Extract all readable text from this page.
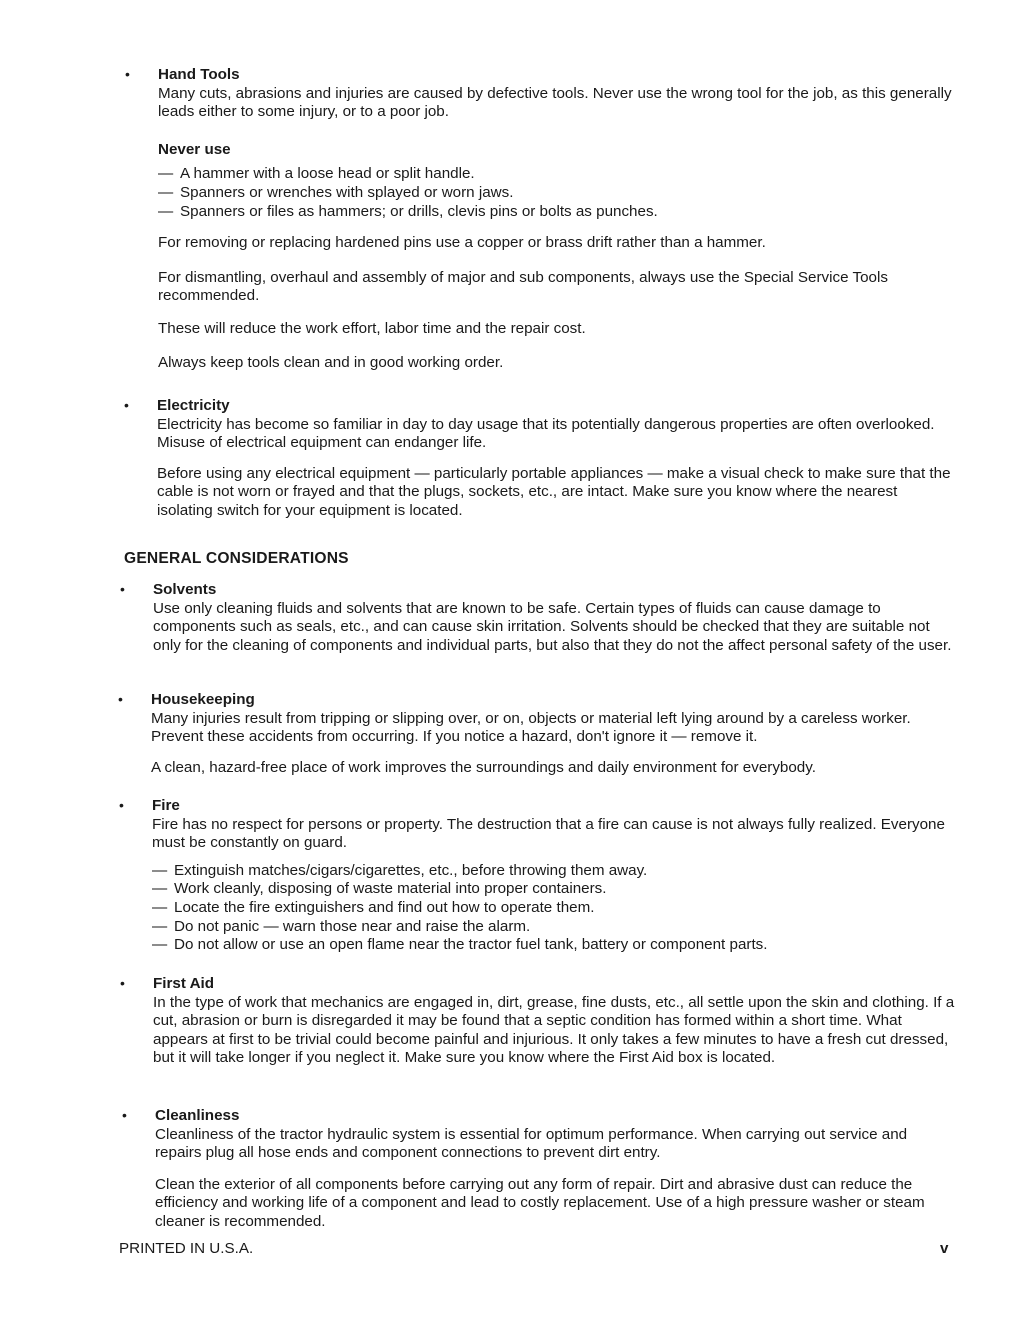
• Hand Tools

Many cuts, abrasions and injuries are caused by defective tools. Never use the wrong tool for the job, as this generally leads either to some injury, or to a poor job.

Never use
— A hammer with a loose head or split handle.
— Spanners or wrenches with splayed or worn jaws.
— Spanners or files as hammers; or drills, clevis pins or bolts as punches.

For removing or replacing hardened pins use a copper or brass drift rather than a hammer.

For dismantling, overhaul and assembly of major and sub components, always use the Special Service Tools recommended.

These will reduce the work effort, labor time and the repair cost.

Always keep tools clean and in good working order.

• Electricity

Electricity has become so familiar in day to day usage that its potentially dangerous properties are often overlooked. Misuse of electrical equipment can endanger life.

Before using any electrical equipment — particularly portable appliances — make a visual check to make sure that the cable is not worn or frayed and that the plugs, sockets, etc., are intact. Make sure you know where the nearest isolating switch for your equipment is located.

GENERAL CONSIDERATIONS
• Solvents

Use only cleaning fluids and solvents that are known to be safe. Certain types of fluids can cause damage to components such as seals, etc., and can cause skin irritation. Solvents should be checked that they are suitable not only for the cleaning of components and individual parts, but also that they do not the affect personal safety of the user.

• Housekeeping

Many injuries result from tripping or slipping over, or on, objects or material left lying around by a careless worker. Prevent these accidents from occurring. If you notice a hazard, don't ignore it — remove it.

A clean, hazard-free place of work improves the surroundings and daily environment for everybody.

• Fire

Fire has no respect for persons or property. The destruction that a fire can cause is not always fully realized. Everyone must be constantly on guard.

— Extinguish matches/cigars/cigarettes, etc., before throwing them away.
— Work cleanly, disposing of waste material into proper containers.
— Locate the fire extinguishers and find out how to operate them.
— Do not panic — warn those near and raise the alarm.
— Do not allow or use an open flame near the tractor fuel tank, battery or component parts.
• First Aid

In the type of work that mechanics are engaged in, dirt, grease, fine dusts, etc., all settle upon the skin and clothing. If a cut, abrasion or burn is disregarded it may be found that a septic condition has formed within a short time. What appears at first to be trivial could become painful and injurious. It only takes a few minutes to have a fresh cut dressed, but it will take longer if you neglect it. Make sure you know where the First Aid box is located.

• Cleanliness

Cleanliness of the tractor hydraulic system is essential for optimum performance. When carrying out service and repairs plug all hose ends and component connections to prevent dirt entry.

Clean the exterior of all components before carrying out any form of repair. Dirt and abrasive dust can reduce the efficiency and working life of a component and lead to costly replacement. Use of a high pressure washer or steam cleaner is recommended.

PRINTED IN U.S.A.	v
